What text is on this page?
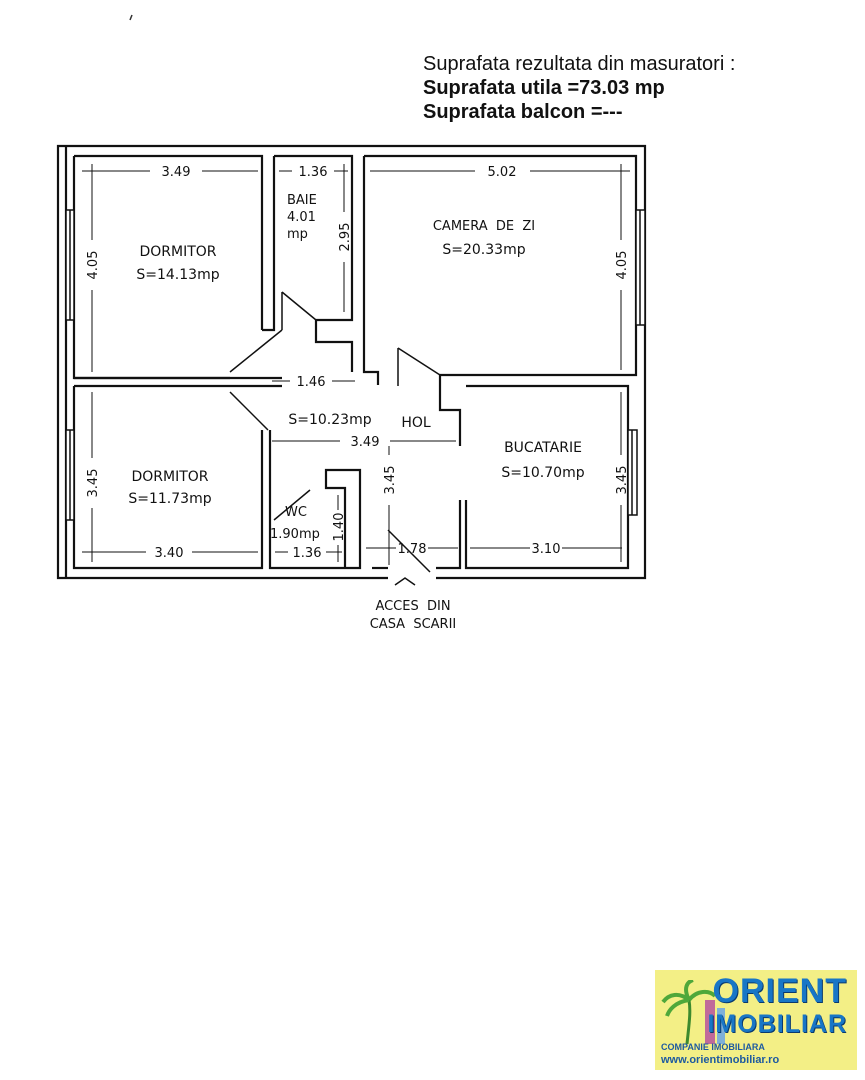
Suprafata rezultata din masuratori :
Suprafata utila =73.03 mp
Suprafata balcon =---
3.49	1.36	5.02
4.05
2.95
4.05
1.46
3.49
3.45
3.45	3.45
1.40
3.40	1.36	1.78	3.10
DORMITOR
S=14.13mp
BAIE
4.01
mp
CAMERA  DE  ZI
S=20.33mp
DORMITOR
S=11.73mp
S=10.23mp HOL
BUCATARIE
S=10.70mp
WC
1.90mp
ACCES  DIN
CASA  SCARII
ORIENT
IMOBILIAR
COMPANIE IMOBILIARA
www.orientimobiliar.ro
